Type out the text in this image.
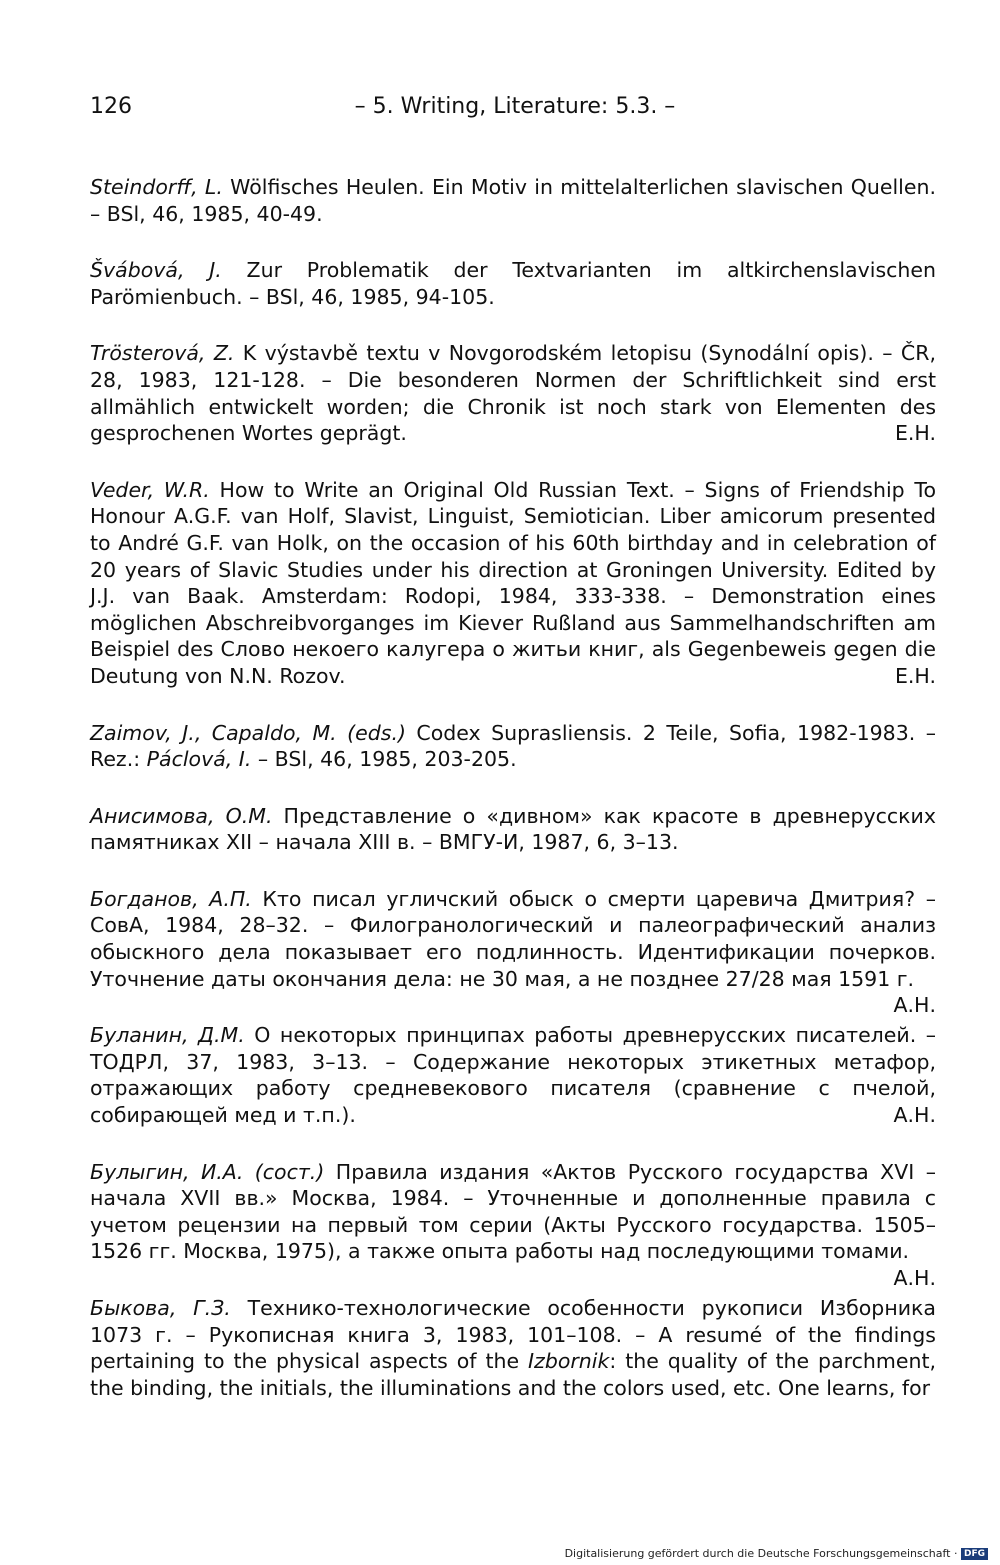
126	– 5. Writing, Literature: 5.3. –

Steindorff, L. Wölfisches Heulen. Ein Motiv in mittelalterlichen slavischen Quellen. – BSl, 46, 1985, 40-49.

Švábová, J. Zur Problematik der Textvarianten im altkirchenslavischen Parömienbuch. – BSl, 46, 1985, 94-105.

Trösterová, Z. K výstavbě textu v Novgorodském letopisu (Synodální opis). – ČR, 28, 1983, 121-128. – Die besonderen Normen der Schriftlichkeit sind erst allmählich entwickelt worden; die Chronik ist noch stark von Elementen des gesprochenen Wortes geprägt.	E.H.

Veder, W.R. How to Write an Original Old Russian Text. – Signs of Friendship To Honour A.G.F. van Holf, Slavist, Linguist, Semiotician. Liber amicorum presented to André G.F. van Holk, on the occasion of his 60th birthday and in celebration of 20 years of Slavic Studies under his direction at Groningen University. Edited by J.J. van Baak. Amsterdam: Rodopi, 1984, 333-338. – Demonstration eines möglichen Abschreibvorganges im Kiever Rußland aus Sammelhandschriften am Beispiel des Слово некоего калугера о житьи книг, als Gegenbeweis gegen die Deutung von N.N. Rozov.	E.H.

Zaimov, J., Capaldo, M. (eds.) Codex Suprasliensis. 2 Teile, Sofia, 1982-1983. – Rez.: Páclová, I. – BSl, 46, 1985, 203-205.

Анисимова, О.М. Представление о «дивном» как красоте в древнерусских памятниках XII – начала XIII в. – ВМГУ-И, 1987, 6, 3–13.

Богданов, А.П. Кто писал угличский обыск о смерти царевича Дмитрия? – СовА, 1984, 28–32. – Филогранологический и палеографический анализ обыскного дела показывает его подлинность. Идентификации почерков. Уточнение даты окончания дела: не 30 мая, а не позднее 27/28 мая 1591 г.
А.Н.

Буланин, Д.М. О некоторых принципах работы древнерусских писателей. – ТОДРЛ, 37, 1983, 3–13. – Содержание некоторых этикетных метафор, отражающих работу средневекового писателя (сравнение с пчелой, собирающей мед и т.п.).	А.Н.

Булыгин, И.А. (сост.) Правила издания «Актов Русского государства XVI – начала XVII вв.» Москва, 1984. – Уточненные и дополненные правила с учетом рецензии на первый том серии (Акты Русского государства. 1505–1526 гг. Москва, 1975), а также опыта работы над последующими томами.
А.Н.

Быкова, Г.З. Технико-технологические особенности рукописи Изборника 1073 г. – Рукописная книга 3, 1983, 101–108. – A resumé of the findings pertaining to the physical aspects of the Izbornik: the quality of the parchment, the binding, the initials, the illuminations and the colors used, etc. One learns, for

Digitalisierung gefördert durch die Deutsche Forschungsgemeinschaft · DFG
